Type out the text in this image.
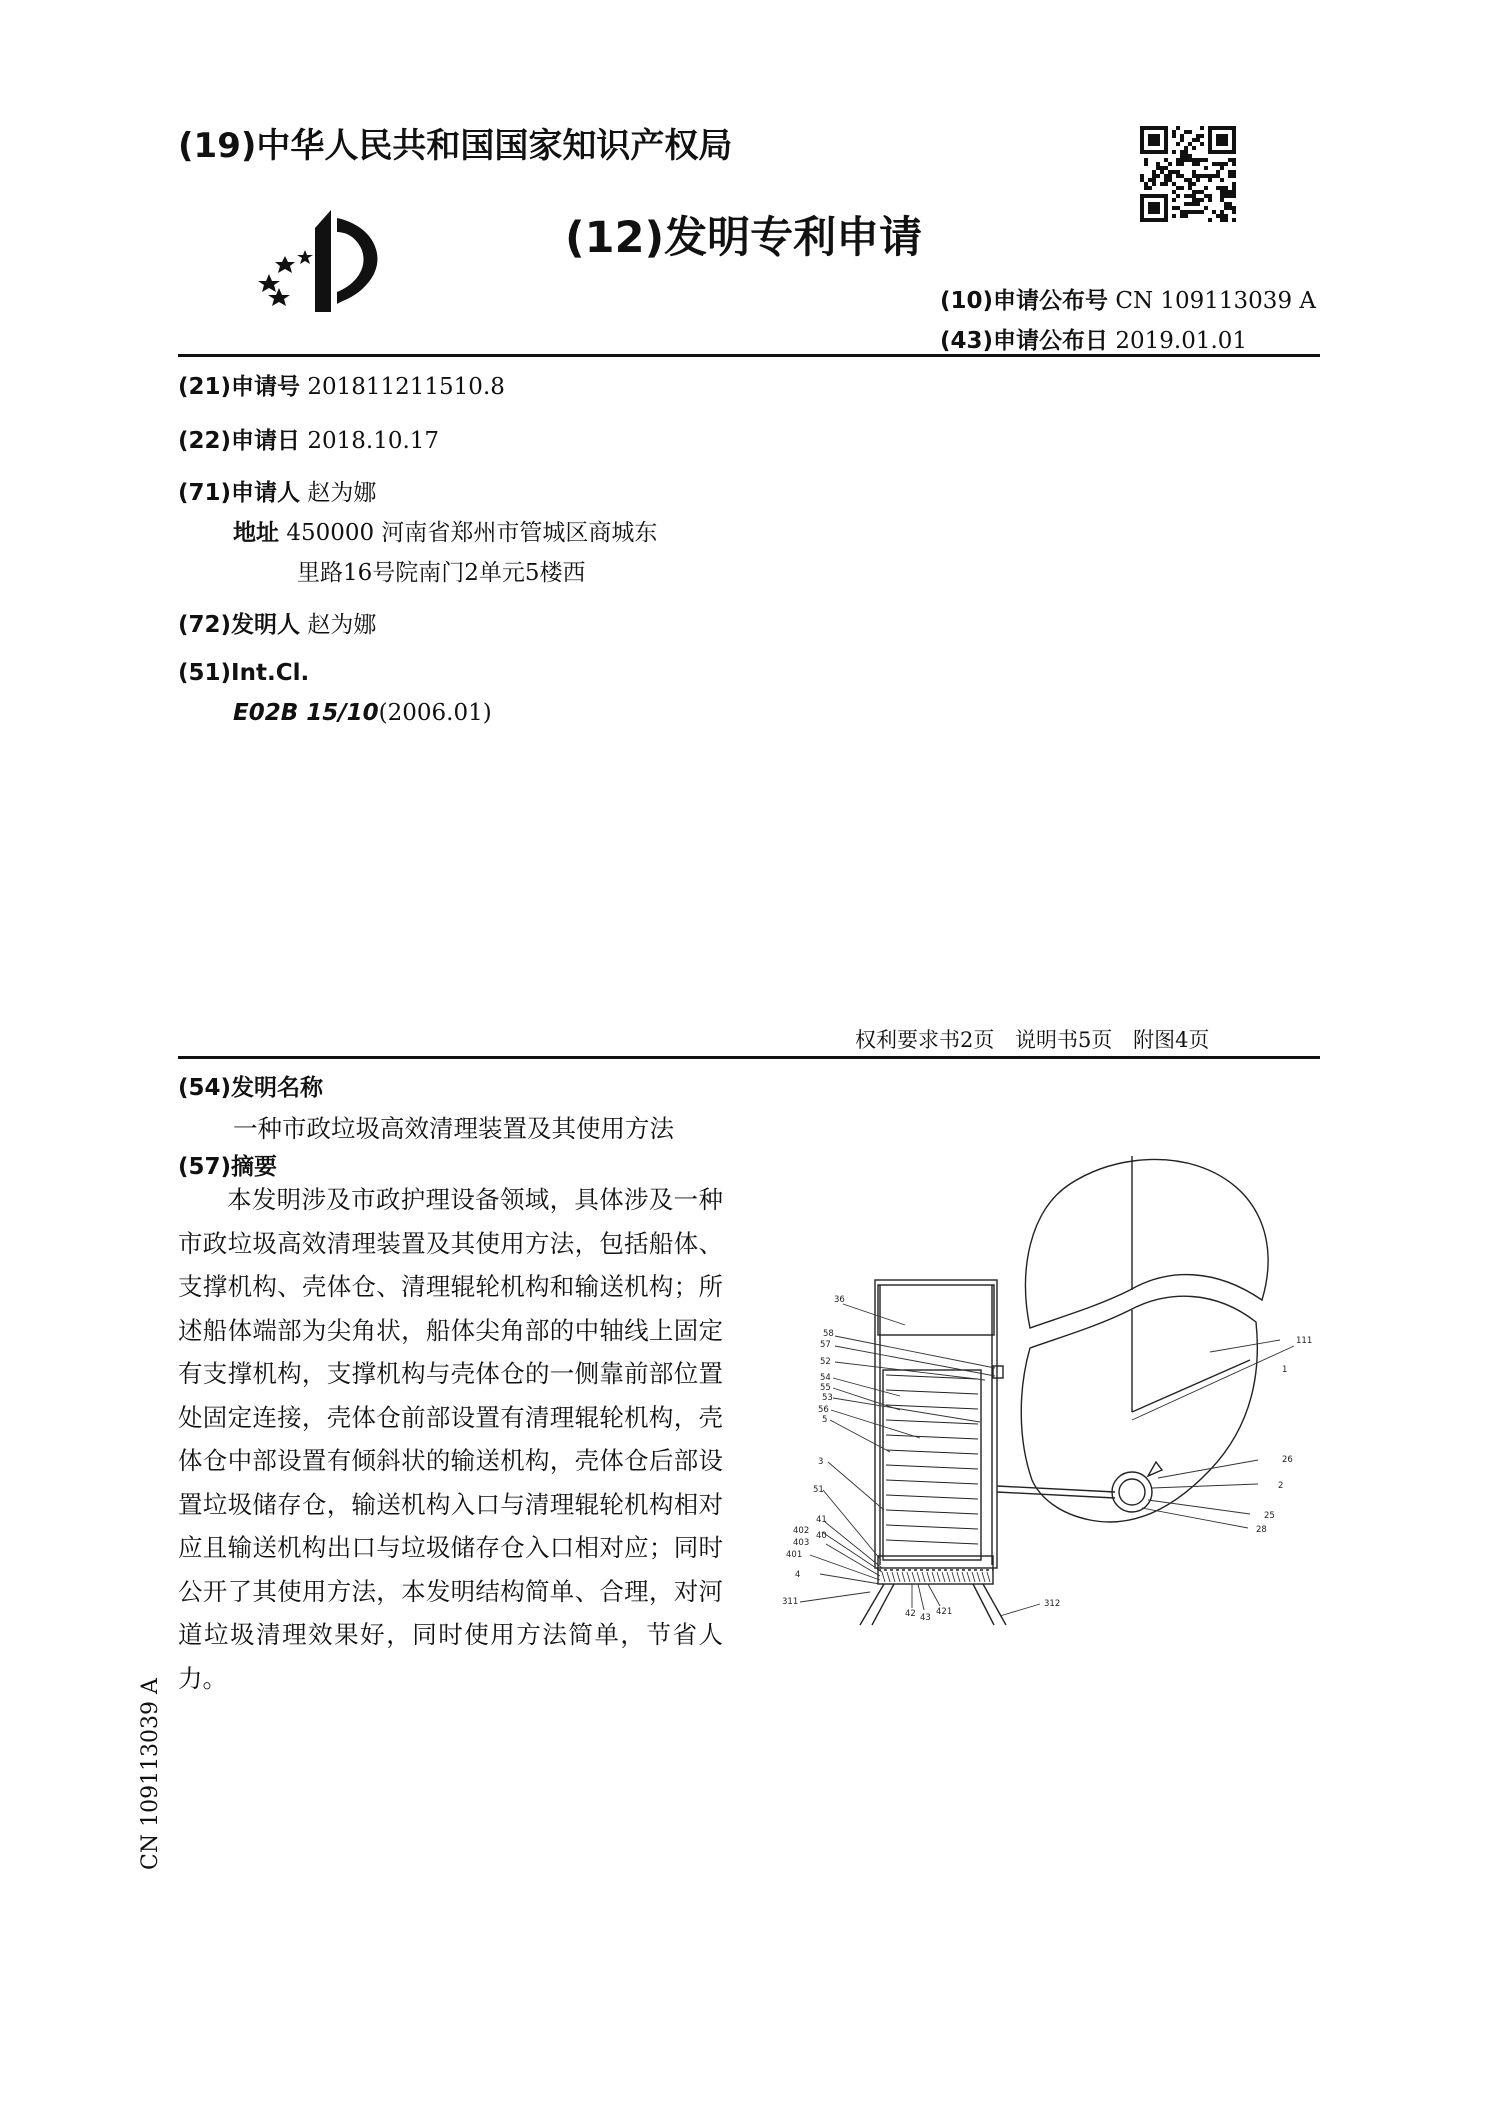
(19)中华人民共和国国家知识产权局
(12)发明专利申请
(10)申请公布号 CN 109113039 A
(43)申请公布日 2019.01.01
(21)申请号 201811211510.8
(22)申请日 2018.10.17
(71)申请人 赵为娜
地址 450000 河南省郑州市管城区商城东
里路16号院南门2单元5楼西
(72)发明人 赵为娜
(51)Int.Cl.
E02B 15/10(2006.01)
权利要求书2页 说明书5页 附图4页
(54)发明名称
一种市政垃圾高效清理装置及其使用方法
(57)摘要
本发明涉及市政护理设备领域，具体涉及一种市政垃圾高效清理装置及其使用方法，包括船体、支撑机构、壳体仓、清理辊轮机构和输送机构；所述船体端部为尖角状，船体尖角部的中轴线上固定有支撑机构，支撑机构与壳体仓的一侧靠前部位置处固定连接，壳体仓前部设置有清理辊轮机构，壳体仓中部设置有倾斜状的输送机构，壳体仓后部设置垃圾储存仓，输送机构入口与清理辊轮机构相对应且输送机构出口与垃圾储存仓入口相对应；同时公开了其使用方法，本发明结构简单、合理，对河道垃圾清理效果好，同时使用方法简单，节省人力。
CN 109113039 A
36
58
57
52
54
55
53
56
5
3
51
41
402 40
403
401
4
311
42 43
421
312
111
1
26
2
25
28
